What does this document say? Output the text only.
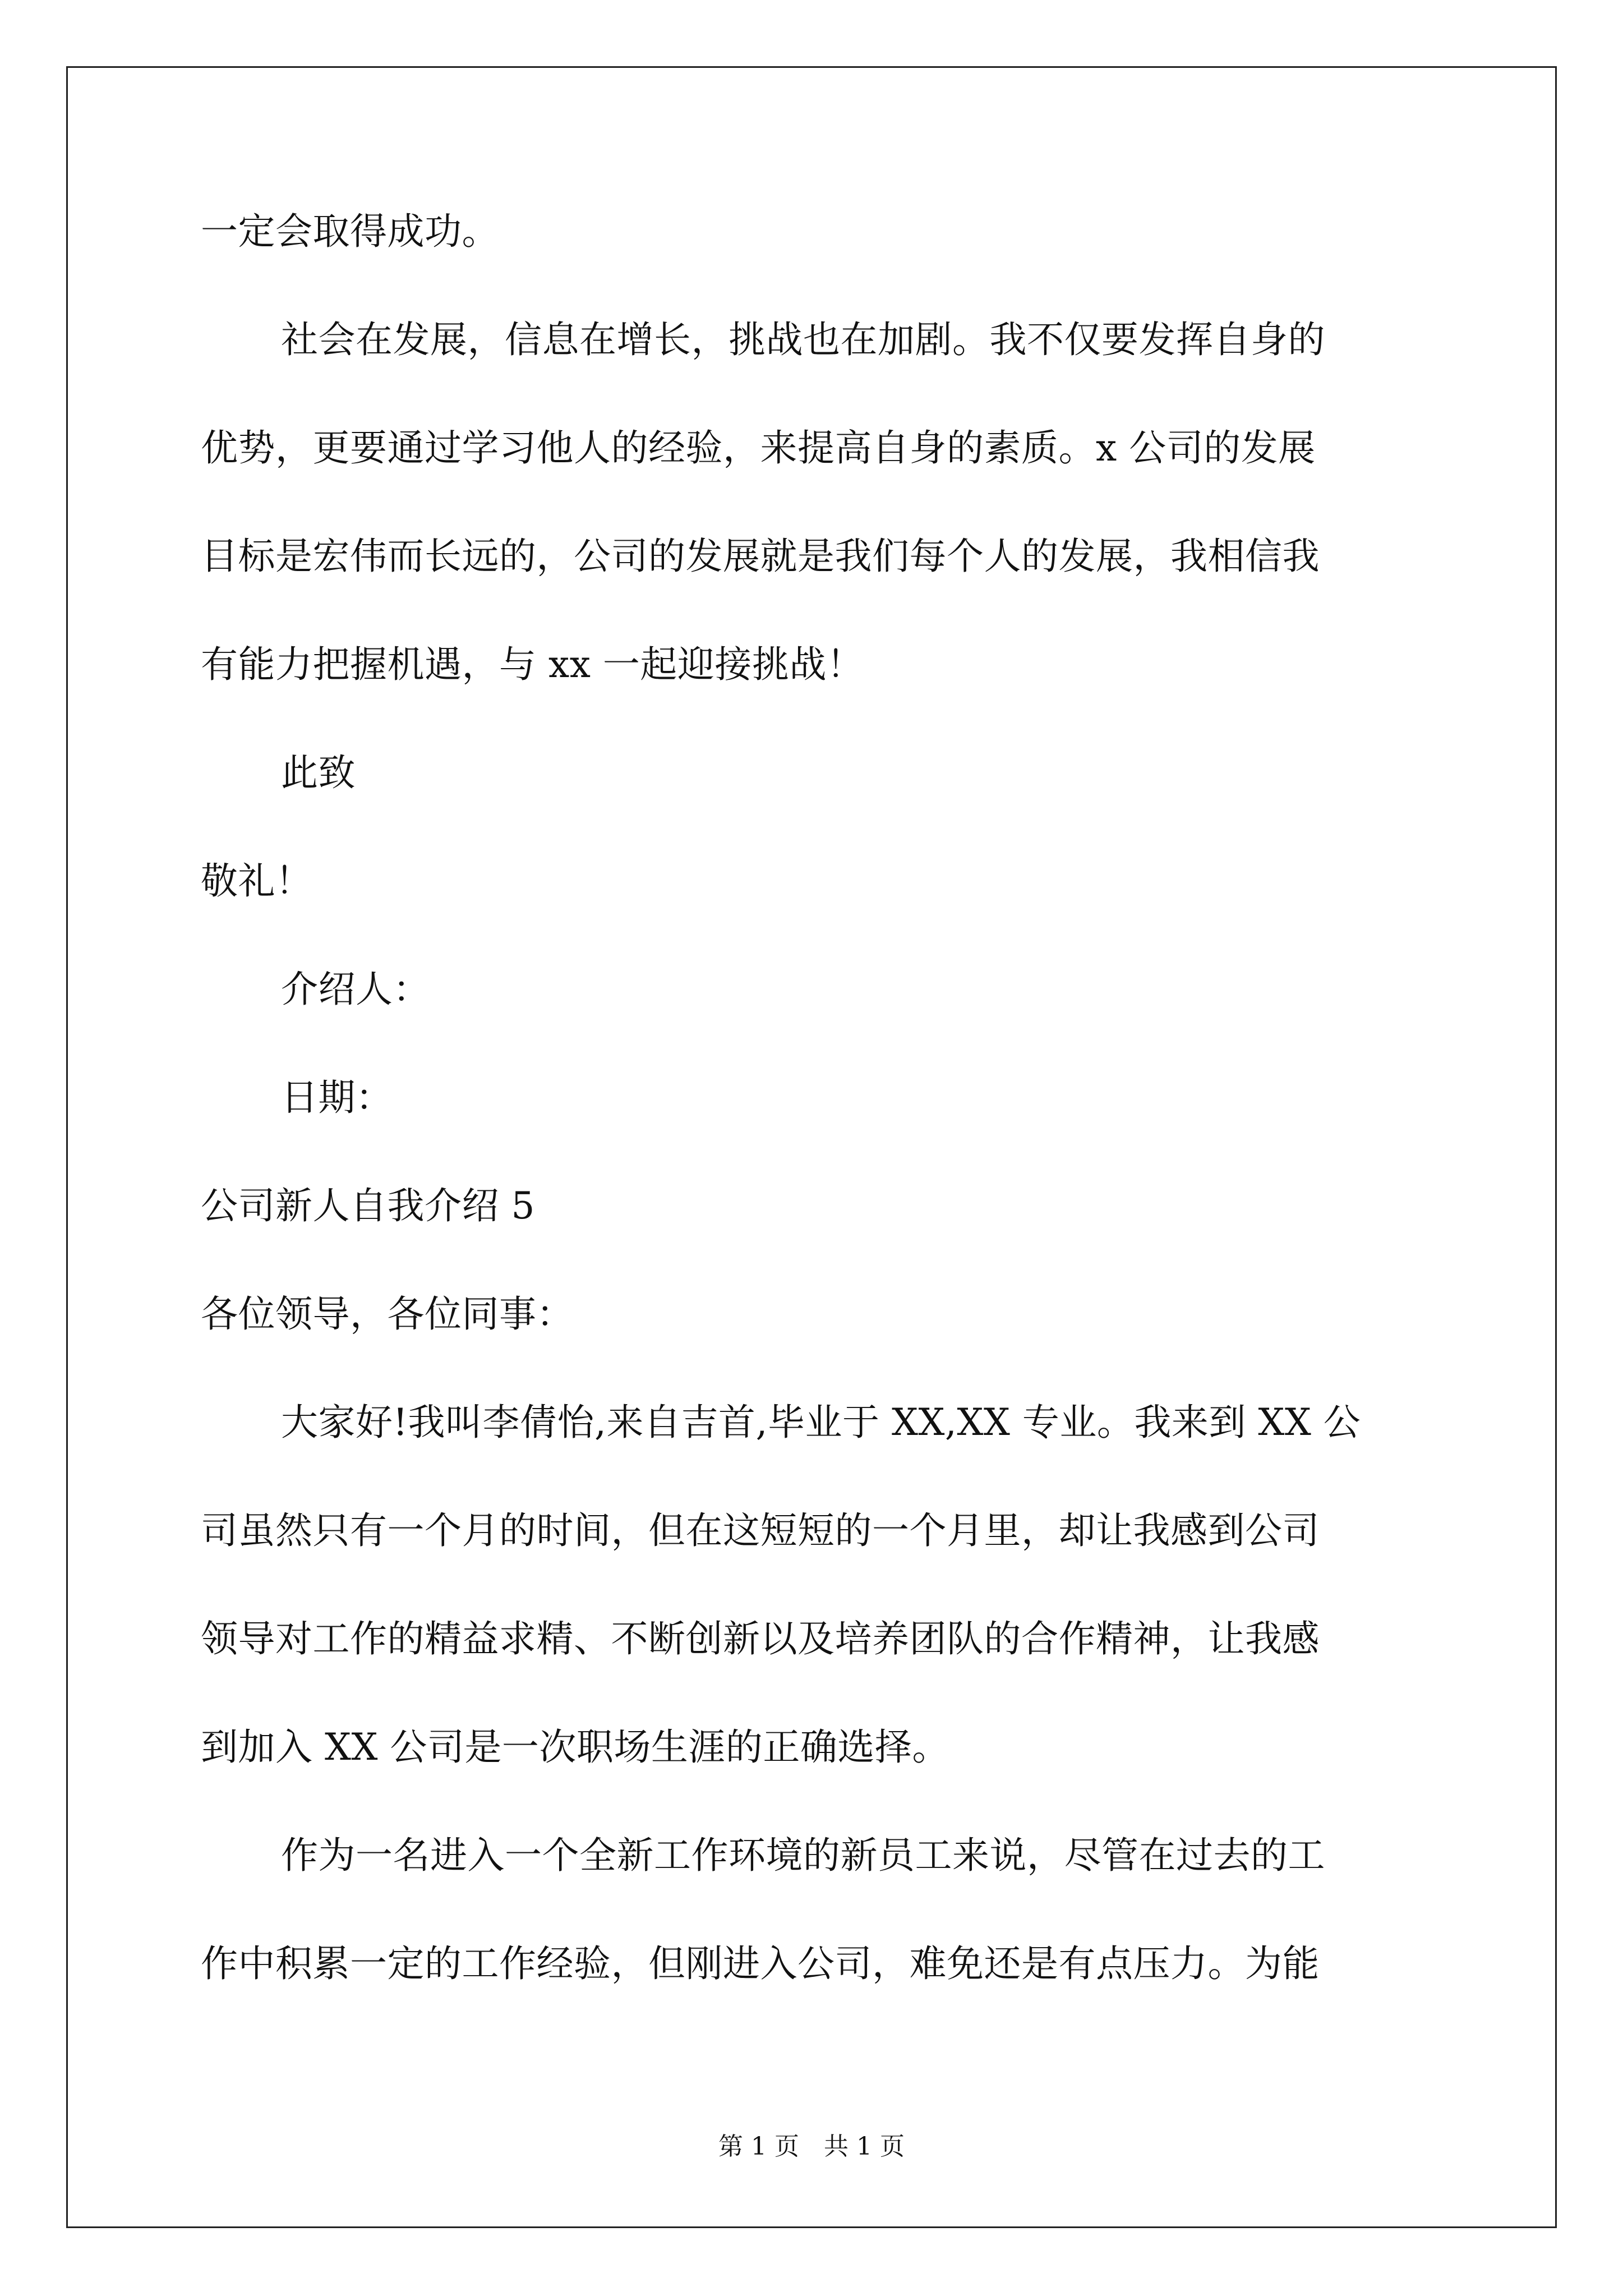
一定会取得成功。
社会在发展，信息在增长，挑战也在加剧。我不仅要发挥自身的
优势，更要通过学习他人的经验，来提高自身的素质。x 公司的发展
目标是宏伟而长远的，公司的发展就是我们每个人的发展，我相信我
有能力把握机遇，与 xx 一起迎接挑战！
此致
敬礼！
介绍人：
日期：
公司新人自我介绍 5
各位领导，各位同事：
大家好!我叫李倩怡,来自吉首,毕业于 XX,XX 专业。我来到 XX 公
司虽然只有一个月的时间，但在这短短的一个月里，却让我感到公司
领导对工作的精益求精、不断创新以及培养团队的合作精神，让我感
到加入 XX 公司是一次职场生涯的正确选择。
作为一名进入一个全新工作环境的新员工来说，尽管在过去的工
作中积累一定的工作经验，但刚进入公司，难免还是有点压力。为能
第 1 页　共 1 页
